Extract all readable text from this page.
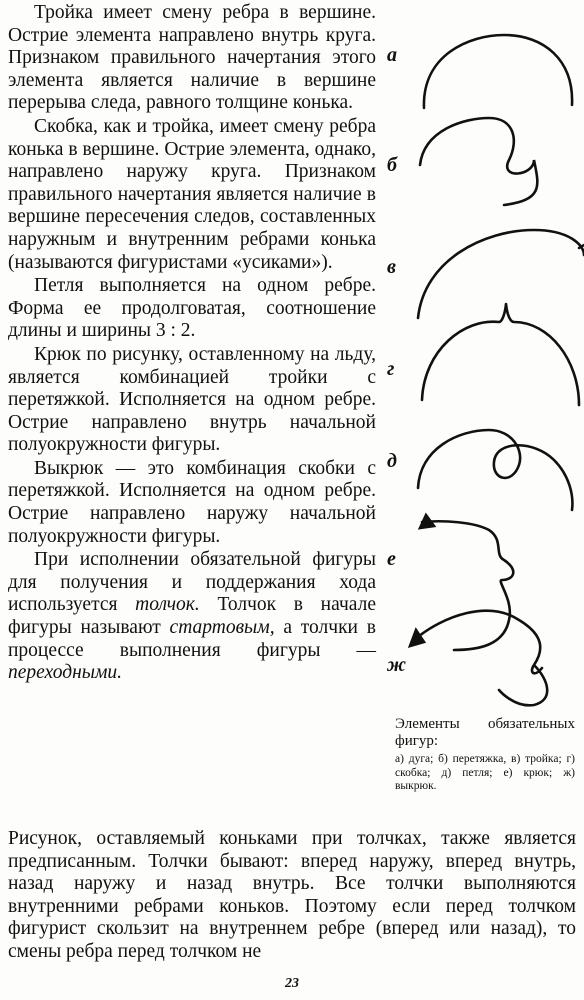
Тройка имеет смену ребра в вершине. Острие элемента направлено внутрь круга. Признаком правильного начертания этого элемента является наличие в вершине перерыва следа, равного толщине конька.

Скобка, как и тройка, имеет смену ребра конька в вершине. Острие элемента, однако, направлено наружу круга. Признаком правильного начертания является наличие в вершине пересечения следов, составленных наружным и внутренним ребрами конька (называются фигуристами «усиками»).

Петля выполняется на одном ребре. Форма ее продолговатая, соотношение длины и ширины 3 : 2.

Крюк по рисунку, оставленному на льду, является комбинацией тройки с перетяжкой. Исполняется на одном ребре. Острие направлено внутрь начальной полуокружности фигуры.

Выкрюк — это комбинация скобки с перетяжкой. Исполняется на одном ребре. Острие направлено наружу начальной полуокружности фигуры.

При исполнении обязательной фигуры для получения и поддержания хода используется толчок. Толчок в начале фигуры называют стартовым, а толчки в процессе выполнения фигуры — переходными.

Рисунок, оставляемый коньками при толчках, также является предписанным. Толчки бывают: вперед наружу, вперед внутрь, назад наружу и назад внутрь. Все толчки выполняются внутренними ребрами коньков. Поэтому если перед толчком фигурист скользит на внутреннем ребре (вперед или назад), то смены ребра перед толчком не

а
б
в
г
д
е
ж
Элементы обязательных фигур:
а) дуга; б) перетяжка, в) тройка; г) скобка; д) петля; е) крюк; ж) выкрюк.
23
